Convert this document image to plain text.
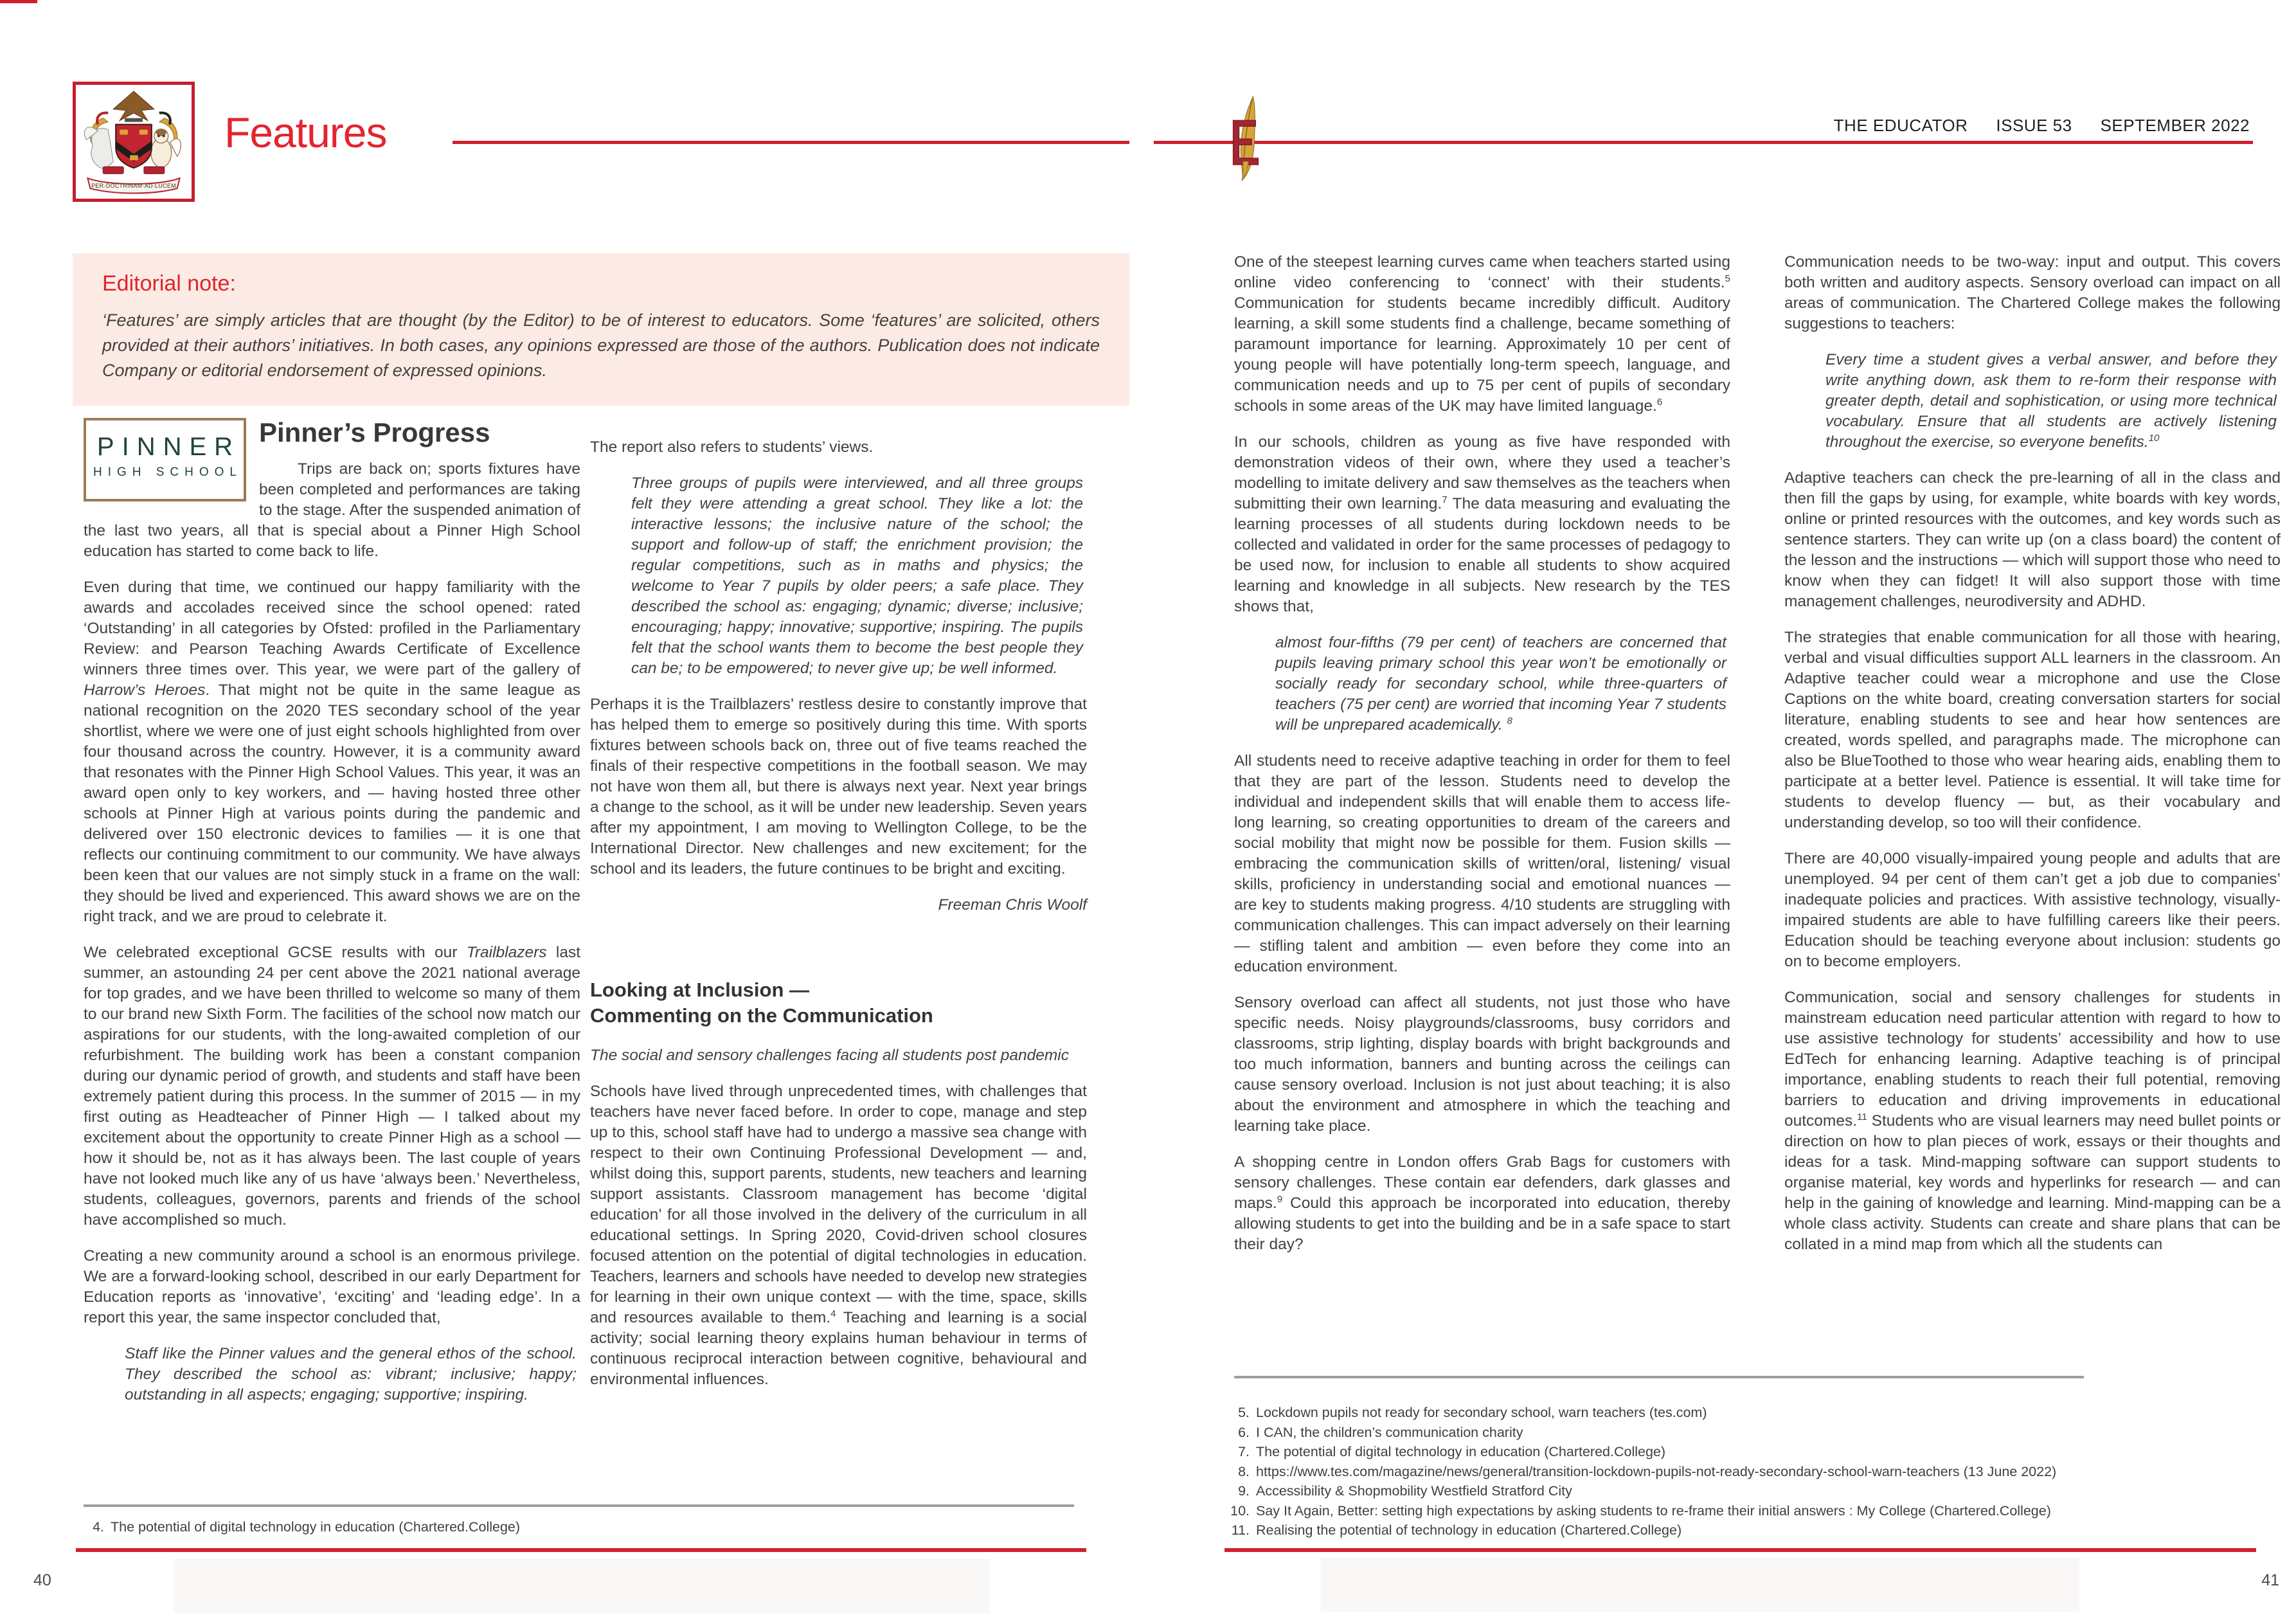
PER·DOCTRINAM·AD·LUCEM
Features
Editorial note:

‘Features’ are simply articles that are thought (by the Editor) to be of interest to educators. Some ‘features’ are solicited, others provided at their authors’ initiatives. In both cases, any opinions expressed are those of the authors. Publication does not indicate Company or editorial endorsement of expressed opinions.

PINNER
HIGH SCHOOL
Pinner’s Progress

Trips are back on; sports fixtures have been completed and performances are taking to the stage. After the suspended animation of the last two years, all that is special about a Pinner High School education has started to come back to life.

Even during that time, we continued our happy familiarity with the awards and accolades received since the school opened: rated ‘Outstanding’ in all categories by Ofsted: profiled in the Parliamentary Review: and Pearson Teaching Awards Certificate of Excellence winners three times over. This year, we were part of the gallery of Harrow’s Heroes. That might not be quite in the same league as national recognition on the 2020 TES secondary school of the year shortlist, where we were one of just eight schools highlighted from over four thousand across the country. However, it is a community award that resonates with the Pinner High School Values. This year, it was an award open only to key workers, and — having hosted three other schools at Pinner High at various points during the pandemic and delivered over 150 electronic devices to families — it is one that reflects our continuing commitment to our community. We have always been keen that our values are not simply stuck in a frame on the wall: they should be lived and experienced. This award shows we are on the right track, and we are proud to celebrate it.

We celebrated exceptional GCSE results with our Trailblazers last summer, an astounding 24 per cent above the 2021 national average for top grades, and we have been thrilled to welcome so many of them to our brand new Sixth Form. The facilities of the school now match our aspirations for our students, with the long-awaited completion of our refurbishment. The building work has been a constant companion during our dynamic period of growth, and students and staff have been extremely patient during this process. In the summer of 2015 — in my first outing as Headteacher of Pinner High — I talked about my excitement about the opportunity to create Pinner High as a school — how it should be, not as it has always been. The last couple of years have not looked much like any of us have ‘always been.’ Nevertheless, students, colleagues, governors, parents and friends of the school have accomplished so much.

Creating a new community around a school is an enormous privilege. We are a forward-looking school, described in our early Department for Education reports as ‘innovative’, ‘exciting’ and ‘leading edge’. In a report this year, the same inspector concluded that,

Staff like the Pinner values and the general ethos of the school. They described the school as: vibrant; inclusive; happy; outstanding in all aspects; engaging; supportive; inspiring.

The report also refers to students’ views.

Three groups of pupils were interviewed, and all three groups felt they were attending a great school. They like a lot: the interactive lessons; the inclusive nature of the school; the support and follow-up of staff; the enrichment provision; the regular competitions, such as in maths and physics; the welcome to Year 7 pupils by older peers; a safe place. They described the school as: engaging; dynamic; diverse; inclusive; encouraging; happy; innovative; supportive; inspiring. The pupils felt that the school wants them to become the best people they can be; to be empowered; to never give up; be well informed.

Perhaps it is the Trailblazers’ restless desire to constantly improve that has helped them to emerge so positively during this time. With sports fixtures between schools back on, three out of five teams reached the finals of their respective competitions in the football season. We may not have won them all, but there is always next year. Next year brings a change to the school, as it will be under new leadership. Seven years after my appointment, I am moving to Wellington College, to be the International Director. New challenges and new excitement; for the school and its leaders, the future continues to be bright and exciting.

Freeman Chris Woolf
Looking at Inclusion —
Commenting on the Communication

The social and sensory challenges facing all students post pandemic

Schools have lived through unprecedented times, with challenges that teachers have never faced before. In order to cope, manage and step up to this, school staff have had to undergo a massive sea change with respect to their own Continuing Professional Development — and, whilst doing this, support parents, students, new teachers and learning support assistants. Classroom management has become ‘digital education’ for all those involved in the delivery of the curriculum in all educational settings. In Spring 2020, Covid-driven school closures focused attention on the potential of digital technologies in education. Teachers, learners and schools have needed to develop new strategies for learning in their own unique context — with the time, space, skills and resources available to them.$^4$ Teaching and learning is a social activity; social learning theory explains human behaviour in terms of continuous reciprocal interaction between cognitive, behavioural and environmental influences.

4. The potential of digital technology in education (Chartered.College)
40
THE EDUCATOR ISSUE 53 SEPTEMBER 2022

One of the steepest learning curves came when teachers started using online video conferencing to ‘connect’ with their students.$^5$ Communication for students became incredibly difficult. Auditory learning, a skill some students find a challenge, became something of paramount importance for learning. Approximately 10 per cent of young people will have potentially long-term speech, language, and communication needs and up to 75 per cent of pupils of secondary schools in some areas of the UK may have limited language.$^6$

In our schools, children as young as five have responded with demonstration videos of their own, where they used a teacher’s modelling to imitate delivery and saw themselves as the teachers when submitting their own learning.$^7$ The data measuring and evaluating the learning processes of all students during lockdown needs to be collected and validated in order for the same processes of pedagogy to be used now, for inclusion to enable all students to show acquired learning and knowledge in all subjects. New research by the TES shows that,

almost four-fifths (79 per cent) of teachers are concerned that pupils leaving primary school this year won’t be emotionally or socially ready for secondary school, while three-quarters of teachers (75 per cent) are worried that incoming Year 7 students will be unprepared academically. $^8$

All students need to receive adaptive teaching in order for them to feel that they are part of the lesson. Students need to develop the individual and independent skills that will enable them to access life-long learning, so creating opportunities to dream of the careers and social mobility that might now be possible for them. Fusion skills — embracing the communication skills of written/oral, listening/ visual skills, proficiency in understanding social and emotional nuances — are key to students making progress. 4/10 students are struggling with communication challenges. This can impact adversely on their learning — stifling talent and ambition — even before they come into an education environment.

Sensory overload can affect all students, not just those who have specific needs. Noisy playgrounds/classrooms, busy corridors and classrooms, strip lighting, display boards with bright backgrounds and too much information, banners and bunting across the ceilings can cause sensory overload. Inclusion is not just about teaching; it is also about the environment and atmosphere in which the teaching and learning take place.

A shopping centre in London offers Grab Bags for customers with sensory challenges. These contain ear defenders, dark glasses and maps.$^9$ Could this approach be incorporated into education, thereby allowing students to get into the building and be in a safe space to start their day?

Communication needs to be two-way: input and output. This covers both written and auditory aspects. Sensory overload can impact on all areas of communication. The Chartered College makes the following suggestions to teachers:

Every time a student gives a verbal answer, and before they write anything down, ask them to re-form their response with greater depth, detail and sophistication, or using more technical vocabulary. Ensure that all students are actively listening throughout the exercise, so everyone benefits.$^{10}$

Adaptive teachers can check the pre-learning of all in the class and then fill the gaps by using, for example, white boards with key words, online or printed resources with the outcomes, and key words such as sentence starters. They can write up (on a class board) the content of the lesson and the instructions — which will support those who need to know when they can fidget! It will also support those with time management challenges, neurodiversity and ADHD.

The strategies that enable communication for all those with hearing, verbal and visual difficulties support ALL learners in the classroom. An Adaptive teacher could wear a microphone and use the Close Captions on the white board, creating conversation starters for social literature, enabling students to see and hear how sentences are created, words spelled, and paragraphs made. The microphone can also be BlueToothed to those who wear hearing aids, enabling them to participate at a better level. Patience is essential. It will take time for students to develop fluency — but, as their vocabulary and understanding develop, so too will their confidence.

There are 40,000 visually-impaired young people and adults that are unemployed. 94 per cent of them can’t get a job due to companies’ inadequate policies and practices. With assistive technology, visually-impaired students are able to have fulfilling careers like their peers. Education should be teaching everyone about inclusion: students go on to become employers.

Communication, social and sensory challenges for students in mainstream education need particular attention with regard to how to use assistive technology for students’ accessibility and how to use EdTech for enhancing learning. Adaptive teaching is of principal importance, enabling students to reach their full potential, removing barriers to education and driving improvements in educational outcomes.$^{11}$ Students who are visual learners may need bullet points or direction on how to plan pieces of work, essays or their thoughts and ideas for a task. Mind-mapping software can support students to organise material, key words and hyperlinks for research — and can help in the gaining of knowledge and learning. Mind-mapping can be a whole class activity. Students can create and share plans that can be collated in a mind map from which all the students can

5. Lockdown pupils not ready for secondary school, warn teachers (tes.com)
6. I CAN, the children’s communication charity
7. The potential of digital technology in education (Chartered.College)
8. https://www.tes.com/magazine/news/general/transition-lockdown-pupils-not-ready-secondary-school-warn-teachers (13 June 2022)
9. Accessibility & Shopmobility Westfield Stratford City
10. Say It Again, Better: setting high expectations by asking students to re-frame their initial answers : My College (Chartered.College)
11. Realising the potential of technology in education (Chartered.College)
41
